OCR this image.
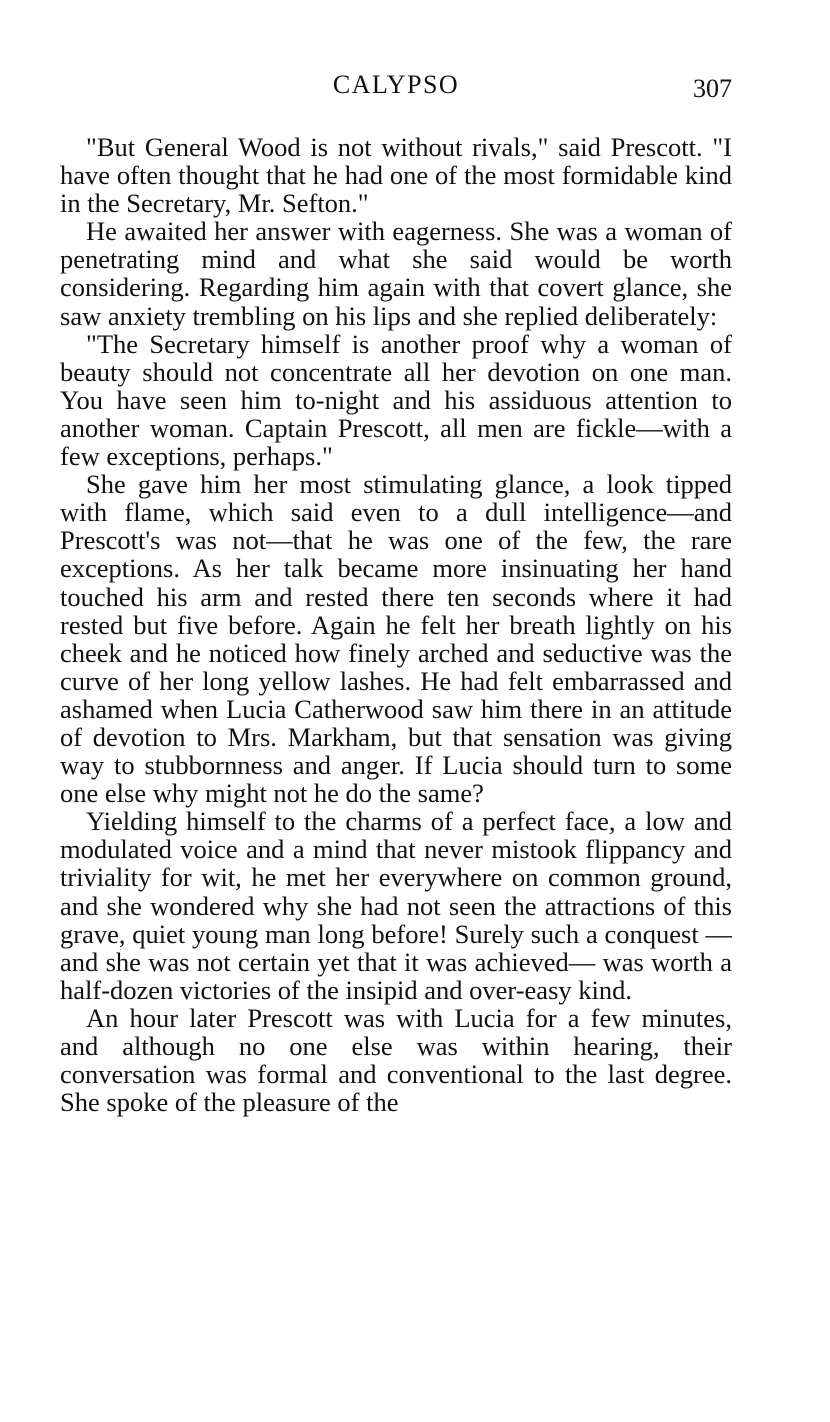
CALYPSO	307

"But General Wood is not without rivals," said Prescott. "I have often thought that he had one of the most formidable kind in the Secretary, Mr. Sefton."

He awaited her answer with eagerness. She was a woman of penetrating mind and what she said would be worth considering. Regarding him again with that covert glance, she saw anxiety trembling on his lips and she replied deliberately:

"The Secretary himself is another proof why a woman of beauty should not concentrate all her devotion on one man. You have seen him to-night and his assiduous attention to another woman. Captain Prescott, all men are fickle—with a few exceptions, perhaps."

She gave him her most stimulating glance, a look tipped with flame, which said even to a dull intelligence—and Prescott's was not—that he was one of the few, the rare exceptions. As her talk became more insinuating her hand touched his arm and rested there ten seconds where it had rested but five before. Again he felt her breath lightly on his cheek and he noticed how finely arched and seductive was the curve of her long yellow lashes. He had felt embarrassed and ashamed when Lucia Catherwood saw him there in an attitude of devotion to Mrs. Markham, but that sensation was giving way to stubbornness and anger. If Lucia should turn to some one else why might not he do the same?

Yielding himself to the charms of a perfect face, a low and modulated voice and a mind that never mistook flippancy and triviality for wit, he met her everywhere on common ground, and she wondered why she had not seen the attractions of this grave, quiet young man long before! Surely such a conquest —and she was not certain yet that it was achieved— was worth a half-dozen victories of the insipid and over-easy kind.

An hour later Prescott was with Lucia for a few minutes, and although no one else was within hearing, their conversation was formal and conventional to the last degree. She spoke of the pleasure of the
